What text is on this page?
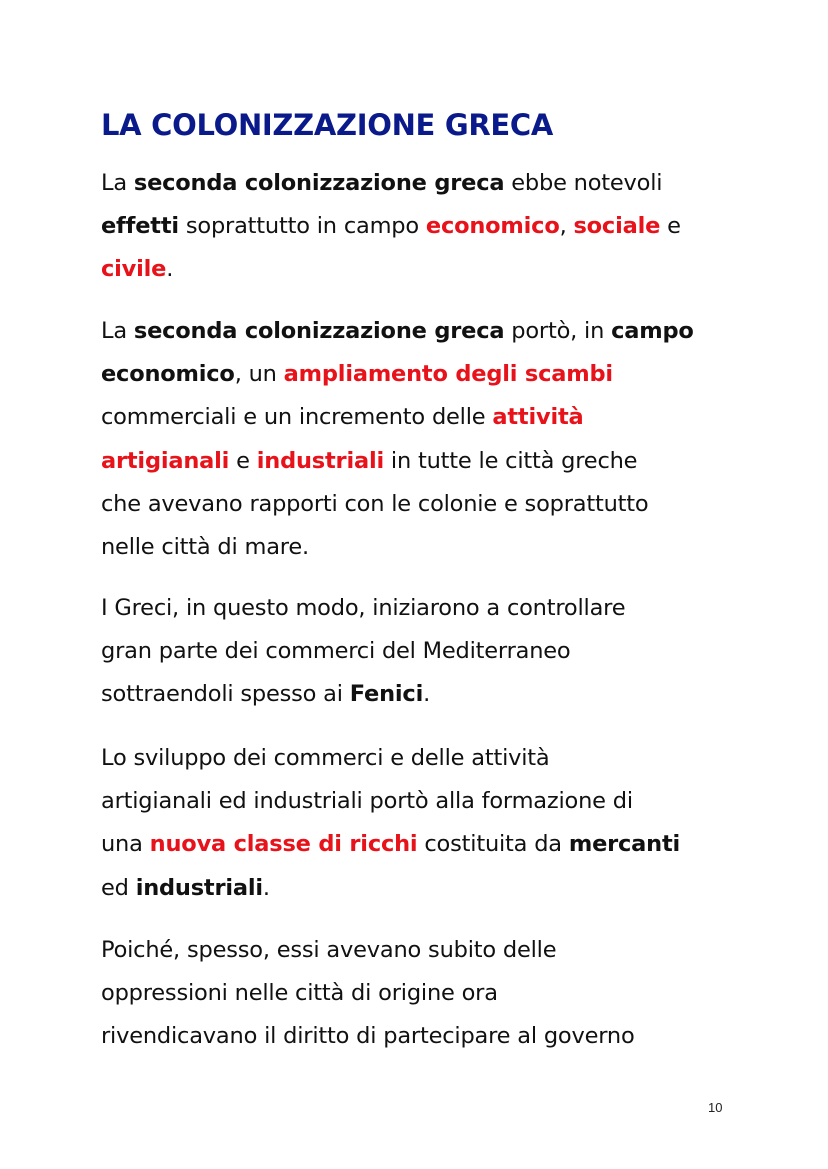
LA COLONIZZAZIONE GRECA
La seconda colonizzazione greca ebbe notevoli
effetti soprattutto in campo economico, sociale e
civile.
La seconda colonizzazione greca portò, in campo
economico, un ampliamento degli scambi
commerciali e un incremento delle attività
artigianali e industriali in tutte le città greche
che avevano rapporti con le colonie e soprattutto
nelle città di mare.
I Greci, in questo modo, iniziarono a controllare
gran parte dei commerci del Mediterraneo
sottraendoli spesso ai Fenici.
Lo sviluppo dei commerci e delle attività
artigianali ed industriali portò alla formazione di
una nuova classe di ricchi costituita da mercanti
ed industriali.
Poiché, spesso, essi avevano subito delle
oppressioni nelle città di origine ora
rivendicavano il diritto di partecipare al governo
10
